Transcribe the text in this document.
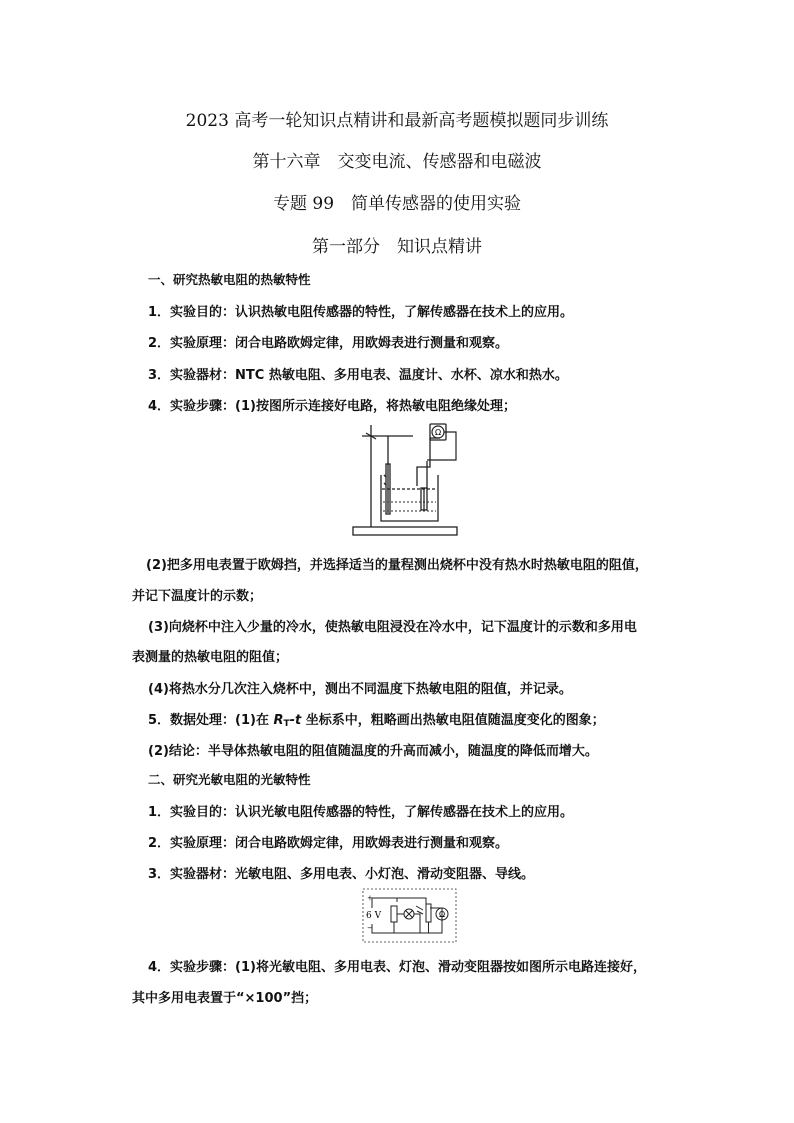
2023 高考一轮知识点精讲和最新高考题模拟题同步训练
第十六章　交变电流、传感器和电磁波
专题 99　简单传感器的使用实验
第一部分　知识点精讲
一、研究热敏电阻的热敏特性
1．实验目的：认识热敏电阻传感器的特性，了解传感器在技术上的应用。
2．实验原理：闭合电路欧姆定律，用欧姆表进行测量和观察。
3．实验器材：NTC 热敏电阻、多用电表、温度计、水杯、凉水和热水。
4．实验步骤：(1)按图所示连接好电路，将热敏电阻绝缘处理；
Ω
(2)把多用电表置于欧姆挡，并选择适当的量程测出烧杯中没有热水时热敏电阻的阻值，
并记下温度计的示数；
(3)向烧杯中注入少量的冷水，使热敏电阻浸没在冷水中，记下温度计的示数和多用电
表测量的热敏电阻的阻值；
(4)将热水分几次注入烧杯中，测出不同温度下热敏电阻的阻值，并记录。
5．数据处理：(1)在 $R_T-t$ 坐标系中，粗略画出热敏电阻值随温度变化的图象；
(2)结论：半导体热敏电阻的阻值随温度的升高而减小，随温度的降低而增大。
二、研究光敏电阻的光敏特性
1．实验目的：认识光敏电阻传感器的特性，了解传感器在技术上的应用。
2．实验原理：闭合电路欧姆定律，用欧姆表进行测量和观察。
3．实验器材：光敏电阻、多用电表、小灯泡、滑动变阻器、导线。
+
6 V
−
Ω
4．实验步骤：(1)将光敏电阻、多用电表、灯泡、滑动变阻器按如图所示电路连接好，
其中多用电表置于“×100”挡；
